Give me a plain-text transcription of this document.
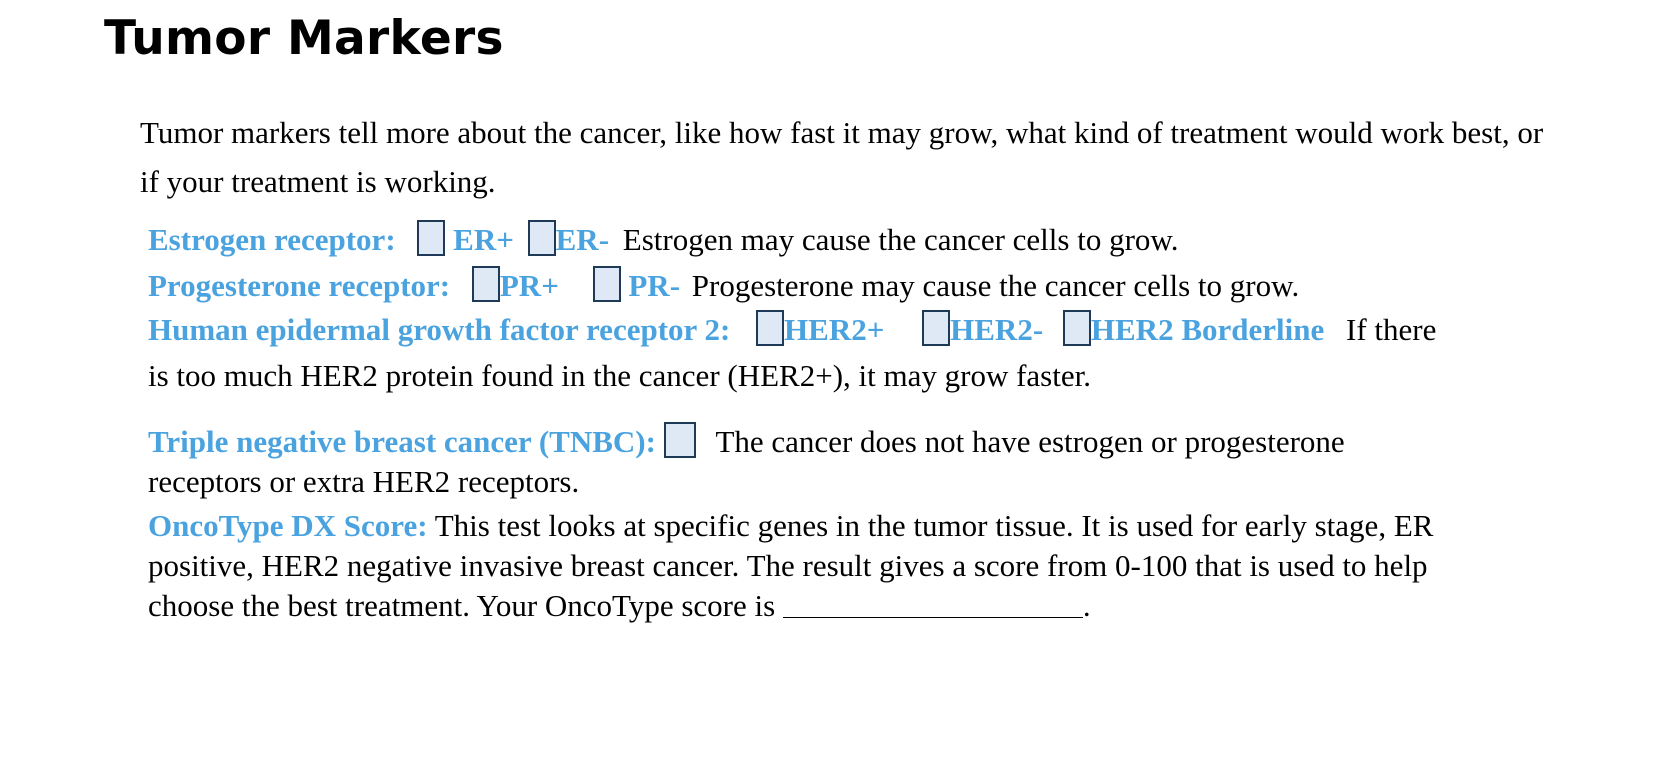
Tumor Markers

Tumor markers tell more about the cancer, like how fast it may grow, what kind of treatment would work best, or if your treatment is working.

Estrogen receptor: ER+ ER- Estrogen may cause the cancer cells to grow.
Progesterone receptor: PR+ PR- Progesterone may cause the cancer cells to grow.
Human epidermal growth factor receptor 2: HER2+ HER2- HER2 Borderline If there
is too much HER2 protein found in the cancer (HER2+), it may grow faster.
Triple negative breast cancer (TNBC): The cancer does not have estrogen or progesterone
receptors or extra HER2 receptors.
OncoType DX Score: This test looks at specific genes in the tumor tissue. It is used for early stage, ER
positive, HER2 negative invasive breast cancer. The result gives a score from 0-100 that is used to help
choose the best treatment. Your OncoType score is	.
